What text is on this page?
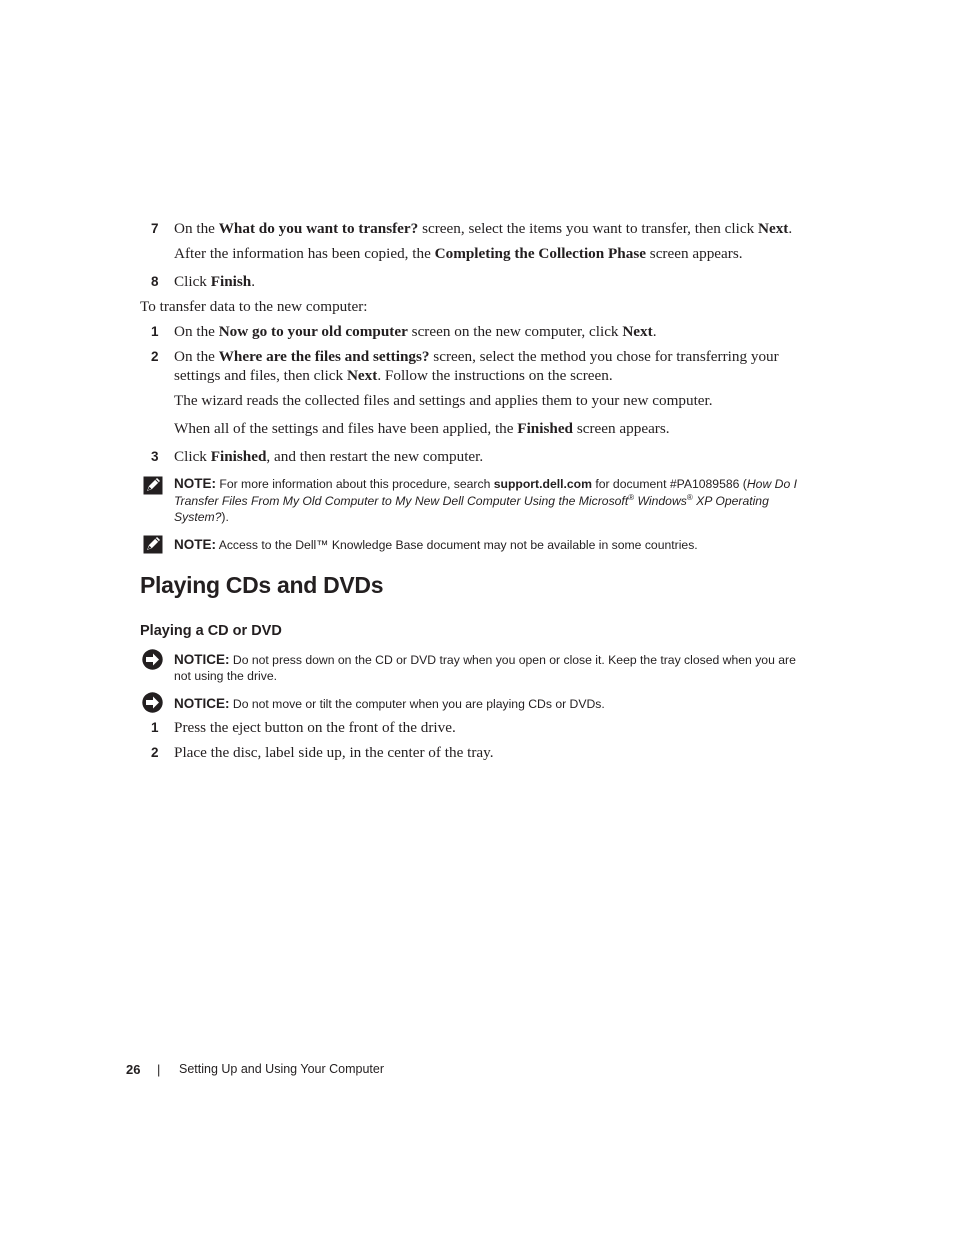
7 On the What do you want to transfer? screen, select the items you want to transfer, then click Next.
After the information has been copied, the Completing the Collection Phase screen appears.
8 Click Finish.
To transfer data to the new computer:
1 On the Now go to your old computer screen on the new computer, click Next.
2 On the Where are the files and settings? screen, select the method you chose for transferring your
settings and files, then click Next. Follow the instructions on the screen.
The wizard reads the collected files and settings and applies them to your new computer.
When all of the settings and files have been applied, the Finished screen appears.
3 Click Finished, and then restart the new computer.
NOTE: For more information about this procedure, search support.dell.com for document #PA1089586 (How Do I
Transfer Files From My Old Computer to My New Dell Computer Using the Microsoft® Windows® XP Operating
System?).
NOTE: Access to the Dell™ Knowledge Base document may not be available in some countries.
Playing CDs and DVDs
Playing a CD or DVD
NOTICE: Do not press down on the CD or DVD tray when you open or close it. Keep the tray closed when you are
not using the drive.
NOTICE: Do not move or tilt the computer when you are playing CDs or DVDs.
1 Press the eject button on the front of the drive.
2 Place the disc, label side up, in the center of the tray.
26 | Setting Up and Using Your Computer
